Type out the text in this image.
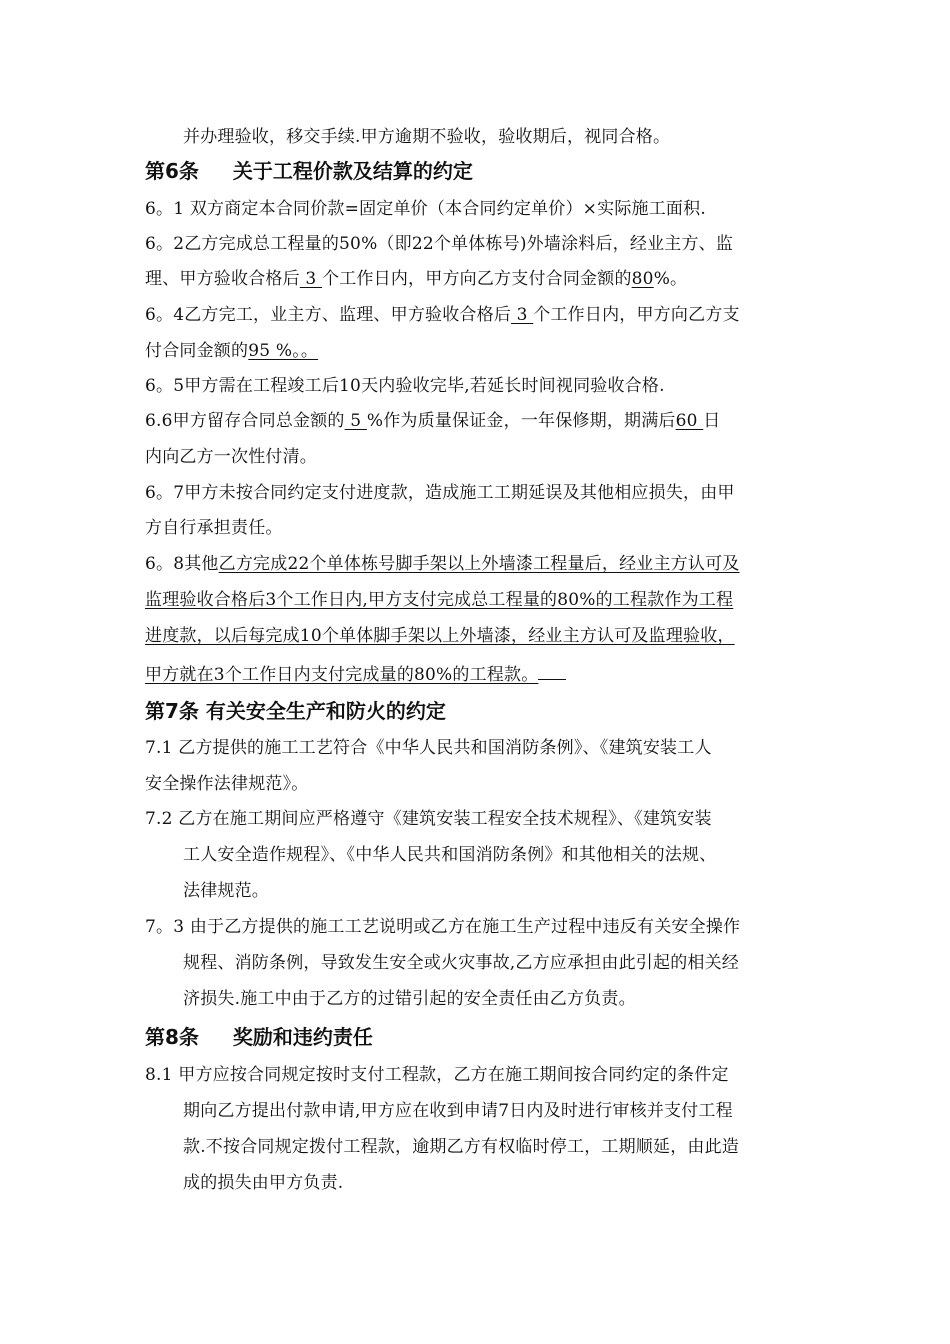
并办理验收，移交手续.甲方逾期不验收，验收期后，视同合格。
第6条 关于工程价款及结算的约定
6。1 双方商定本合同价款=固定单价（本合同约定单价）×实际施工面积.
6。2乙方完成总工程量的50%（即22个单体栋号)外墙涂料后，经业主方、监
理、甲方验收合格后 3 个工作日内，甲方向乙方支付合同金额的80%。
6。4乙方完工，业主方、监理、甲方验收合格后 3 个工作日内，甲方向乙方支
付合同金额的95 %。。
6。5甲方需在工程竣工后10天内验收完毕,若延长时间视同验收合格.
6.6甲方留存合同总金额的 5 %作为质量保证金，一年保修期，期满后60 日
内向乙方一次性付清。
6。7甲方未按合同约定支付进度款，造成施工工期延误及其他相应损失，由甲
方自行承担责任。
6。8其他乙方完成22个单体栋号脚手架以上外墙漆工程量后，经业主方认可及
监理验收合格后3个工作日内,甲方支付完成总工程量的80%的工程款作为工程
进度款，以后每完成10个单体脚手架以上外墙漆，经业主方认可及监理验收，
甲方就在3个工作日内支付完成量的80%的工程款。
第7条 有关安全生产和防火的约定
7.1 乙方提供的施工工艺符合《中华人民共和国消防条例》、《建筑安装工人
安全操作法律规范》。
7.2 乙方在施工期间应严格遵守《建筑安装工程安全技术规程》、《建筑安装
工人安全造作规程》、《中华人民共和国消防条例》和其他相关的法规、
法律规范。
7。3 由于乙方提供的施工工艺说明或乙方在施工生产过程中违反有关安全操作
规程、消防条例，导致发生安全或火灾事故,乙方应承担由此引起的相关经
济损失.施工中由于乙方的过错引起的安全责任由乙方负责。
第8条 奖励和违约责任
8.1 甲方应按合同规定按时支付工程款，乙方在施工期间按合同约定的条件定
期向乙方提出付款申请,甲方应在收到申请7日内及时进行审核并支付工程
款.不按合同规定拨付工程款，逾期乙方有权临时停工，工期顺延，由此造
成的损失由甲方负责.
